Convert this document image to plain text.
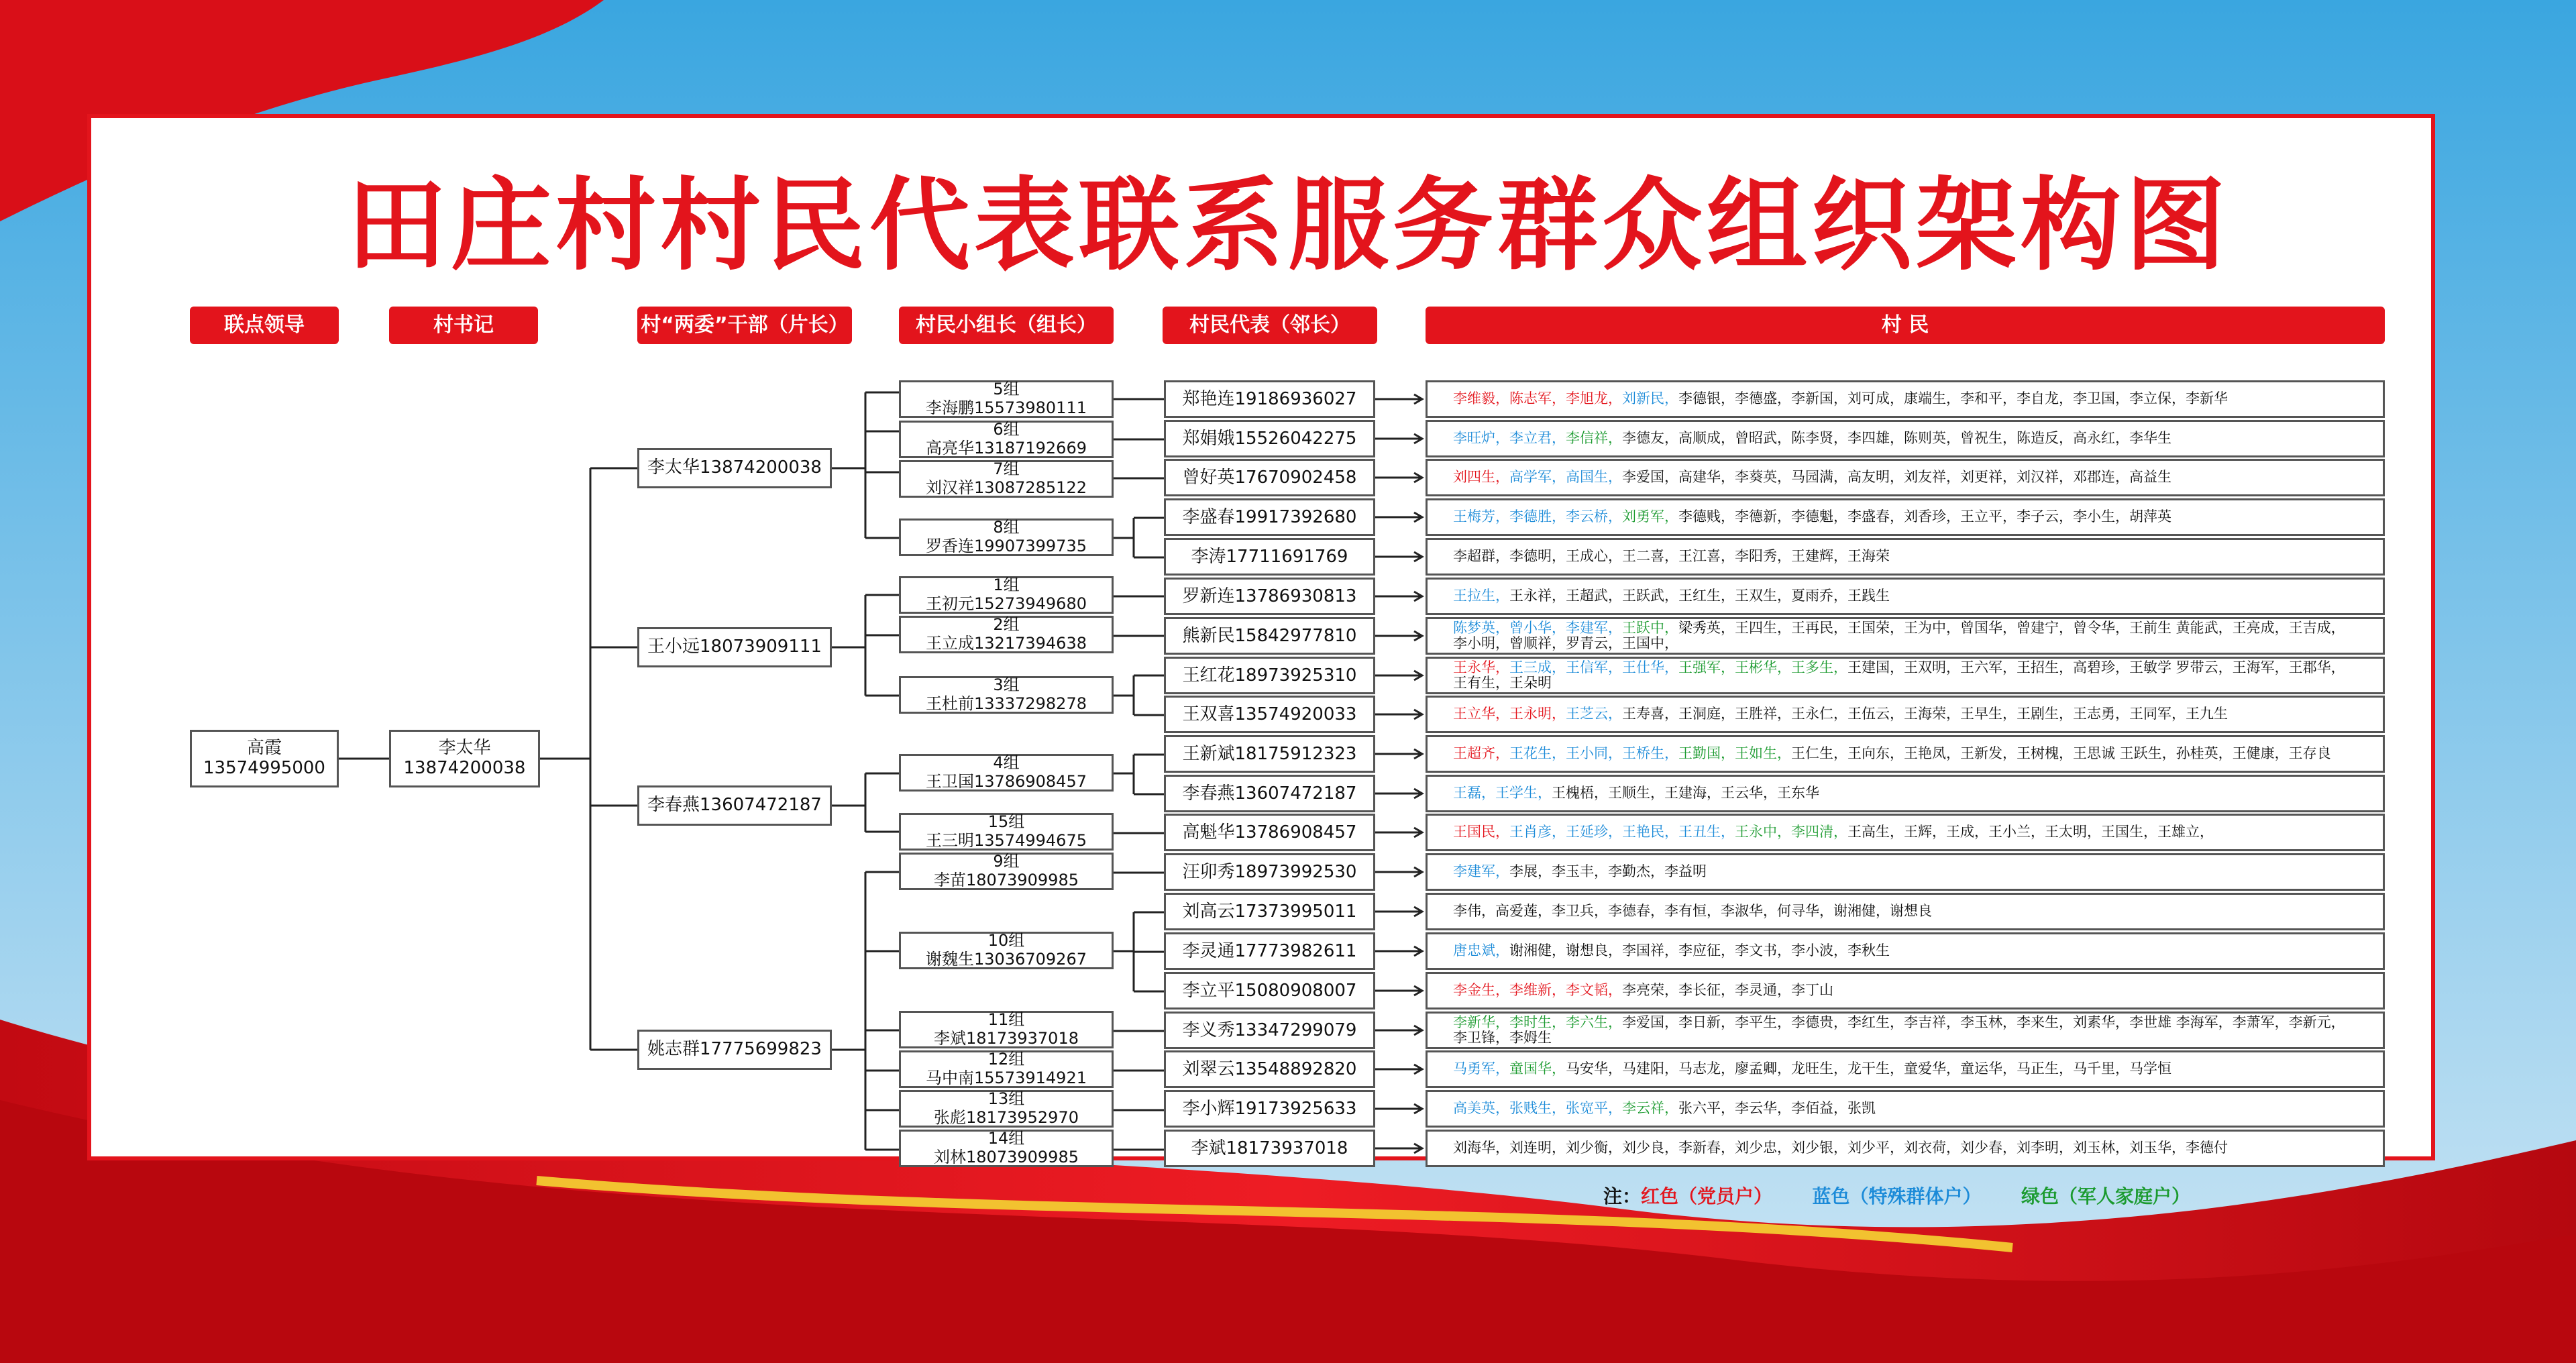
田庄村村民代表联系服务群众组织架构图
联点领导	村书记	村“两委”干部（片长）	村民小组长（组长）	村民代表（邻长）	村 民
高霞
13574995000
李太华
13874200038
李太华13874200038
王小远18073909111
李春燕13607472187
姚志群17775699823
5组
李海鹏15573980111
6组
高亮华13187192669
7组
刘汉祥13087285122
8组
罗香连19907399735
1组
王初元15273949680
2组
王立成13217394638
3组
王杜前13337298278
4组
王卫国13786908457
15组
王三明13574994675
9组
李苗18073909985
10组
谢魏生13036709267
11组
李斌18173937018
12组
马中南15573914921
13组
张彪18173952970
14组
刘林18073909985
郑艳连19186936027	李维毅，陈志军，李旭龙，刘新民，李德银，李德盛，李新国，刘可成，康端生，李和平，李自龙，李卫国，李立保，李新华
郑娟娥15526042275	李旺炉，李立君，李信祥，李德友，高顺成，曾昭武，陈李贤，李四雄，陈则英，曾祝生，陈造反，高永红，李华生
曾好英17670902458	刘四生，高学军，高国生，李爱国，高建华，李葵英，马园满，高友明，刘友祥，刘更祥，刘汉祥，邓郡连，高益生
李盛春19917392680	王梅芳，李德胜，李云桥，刘勇军，李德贱，李德新，李德魁，李盛春，刘香珍，王立平，李子云，李小生，胡萍英
李涛17711691769	李超群，李德明，王成心，王二喜，王江喜，李阳秀，王建辉，王海荣
罗新连13786930813	王拉生，王永祥，王超武，王跃武，王红生，王双生，夏雨乔，王践生
熊新民15842977810	陈梦英，曾小华，李建军，王跃中，梁秀英，王四生，王再民，王国荣，王为中，曾国华，曾建宁，曾令华，王前生 黄能武，王亮成，王吉成，李小明，曾顺祥，罗青云，王国中，
王红花18973925310	王永华，王三成，王信军，王仕华，王强军，王彬华，王多生，王建国，王双明，王六军，王招生，高碧珍，王敏学 罗带云，王海军，王郡华，王有生，王朵明
王双喜13574920033	王立华，王永明，王芝云，王寿喜，王洞庭，王胜祥，王永仁，王伍云，王海荣，王早生，王剧生，王志勇，王同军，王九生
王新斌18175912323	王超齐，王花生，王小同，王桥生，王勤国，王如生，王仁生，王向东，王艳凤，王新发，王树槐，王思诚 王跃生，孙桂英，王健康，王存良
李春燕13607472187	王磊，王学生，王槐梧，王顺生，王建海，王云华，王东华
高魁华13786908457	王国民，王肖彦，王延珍，王艳民，王丑生，王永中，李四清，王高生，王辉，王成，王小兰，王太明，王国生，王雄立，
汪卯秀18973992530	李建军，李展，李玉丰，李勤杰，李益明
刘高云17373995011	李伟，高爱莲，李卫兵，李德春，李有恒，李淑华，何寻华，谢湘健，谢想良
李灵通17773982611	唐忠斌，谢湘健，谢想良，李国祥，李应征，李文书，李小波，李秋生
李立平15080908007	李金生，李维新，李文韬，李亮荣，李长征，李灵通，李丁山
李义秀13347299079	李新华，李时生，李六生，李爱国，李日新，李平生，李德贵，李红生，李吉祥，李玉林，李来生，刘素华，李世雄 李海军，李萧军，李新元，李卫锋，李姆生
刘翠云13548892820	马勇军，童国华，马安华，马建阳，马志龙，廖孟卿，龙旺生，龙干生，童爱华，童运华，马正生，马千里，马学恒
李小辉19173925633	高美英，张贱生，张宽平，李云祥，张六平，李云华，李佰益，张凯
李斌18173937018	刘海华，刘连明，刘少衡，刘少良，李新春，刘少忠，刘少银，刘少平，刘衣荷，刘少春，刘李明，刘玉林，刘玉华，李德付
注：红色（党员户） 蓝色（特殊群体户） 绿色（军人家庭户）
